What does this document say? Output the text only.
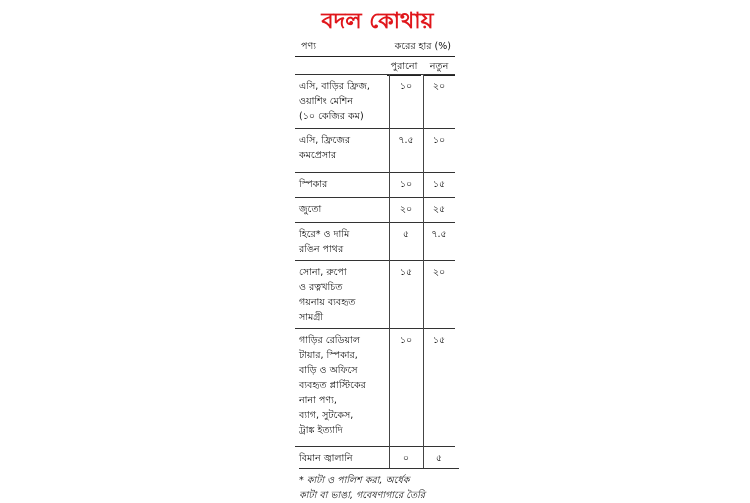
বদল কোথায়
পণ্য	করের হার (%)
পুরানো	নতুন
এসি, বাড়ির ফ্রিজ,
ওয়াশিং মেশিন
(১০ কেজির কম)
১০	২০
এসি, ফ্রিজের
কমপ্রেসার
৭.৫	১০
স্পিকার	১০	১৫
জুতো	২০	২৫
হিরে* ও দামি
রঙিন পাথর
৫	৭.৫
সোনা, রুপো
ও রত্নখচিত
গয়নায় ব্যবহৃত
সামগ্রী
১৫	২০
গাড়ির রেডিয়াল
টায়ার, স্পিকার,
বাড়ি ও অফিসে
ব্যবহৃত প্লাস্টিকের
নানা পণ্য,
ব্যাগ, সুটকেস,
ট্রাঙ্ক ইত্যাদি
১০	১৫
বিমান জ্বালানি	০	৫
* কাটা ও পালিশ করা, অর্ধেক
কাটা বা ভাঙা, গবেষণাগারে তৈরি
